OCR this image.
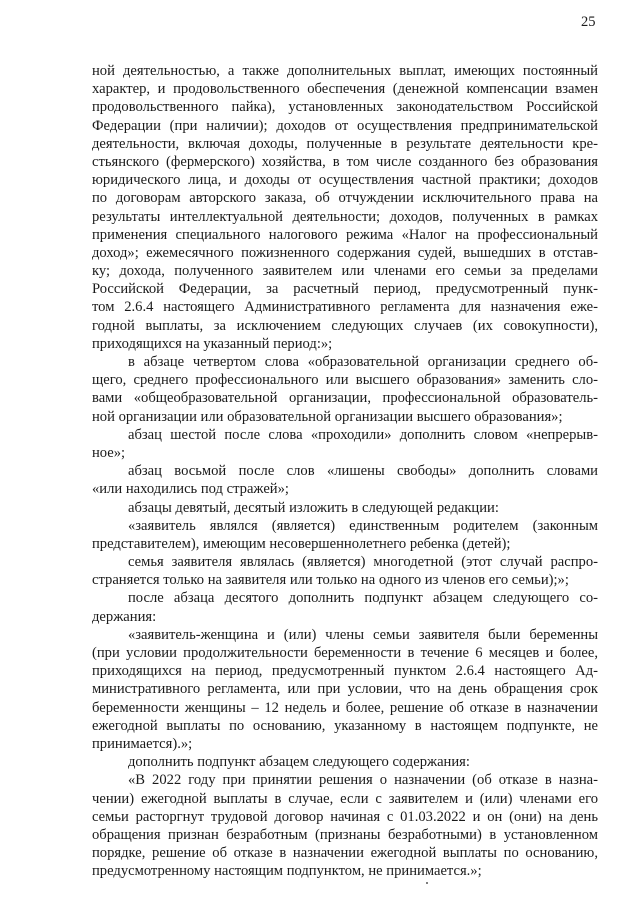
25
ной деятельностью, а также дополнительных выплат, имеющих постоянный
характер, и продовольственного обеспечения (денежной компенсации взамен
продовольственного пайка), установленных законодательством Российской
Федерации (при наличии); доходов от осуществления предпринимательской
деятельности, включая доходы, полученные в результате деятельности кре-
стьянского (фермерского) хозяйства, в том числе созданного без образования
юридического лица, и доходы от осуществления частной практики; доходов
по договорам авторского заказа, об отчуждении исключительного права на
результаты интеллектуальной деятельности; доходов, полученных в рамках
применения специального налогового режима «Налог на профессиональный
доход»; ежемесячного пожизненного содержания судей, вышедших в отстав-
ку; дохода, полученного заявителем или членами его семьи за пределами
Российской Федерации, за расчетный период, предусмотренный пунк-
том 2.6.4 настоящего Административного регламента для назначения еже-
годной выплаты, за исключением следующих случаев (их совокупности),
приходящихся на указанный период:»;
в абзаце четвертом слова «образовательной организации среднего об-
щего, среднего профессионального или высшего образования» заменить сло-
вами «общеобразовательной организации, профессиональной образователь-
ной организации или образовательной организации высшего образования»;
абзац шестой после слова «проходили» дополнить словом «непрерыв-
ное»;
абзац восьмой после слов «лишены свободы» дополнить словами
«или находились под стражей»;
абзацы девятый, десятый изложить в следующей редакции:
«заявитель являлся (является) единственным родителем (законным
представителем), имеющим несовершеннолетнего ребенка (детей);
семья заявителя являлась (является) многодетной (этот случай распро-
страняется только на заявителя или только на одного из членов его семьи);»;
после абзаца десятого дополнить подпункт абзацем следующего со-
держания:
«заявитель-женщина и (или) члены семьи заявителя были беременны
(при условии продолжительности беременности в течение 6 месяцев и более,
приходящихся на период, предусмотренный пунктом 2.6.4 настоящего Ад-
министративного регламента, или при условии, что на день обращения срок
беременности женщины – 12 недель и более, решение об отказе в назначении
ежегодной выплаты по основанию, указанному в настоящем подпункте, не
принимается).»;
дополнить подпункт абзацем следующего содержания:
«В 2022 году при принятии решения о назначении (об отказе в назна-
чении) ежегодной выплаты в случае, если с заявителем и (или) членами его
семьи расторгнут трудовой договор начиная с 01.03.2022 и он (они) на день
обращения признан безработным (признаны безработными) в установленном
порядке, решение об отказе в назначении ежегодной выплаты по основанию,
предусмотренному настоящим подпунктом, не принимается.»;
